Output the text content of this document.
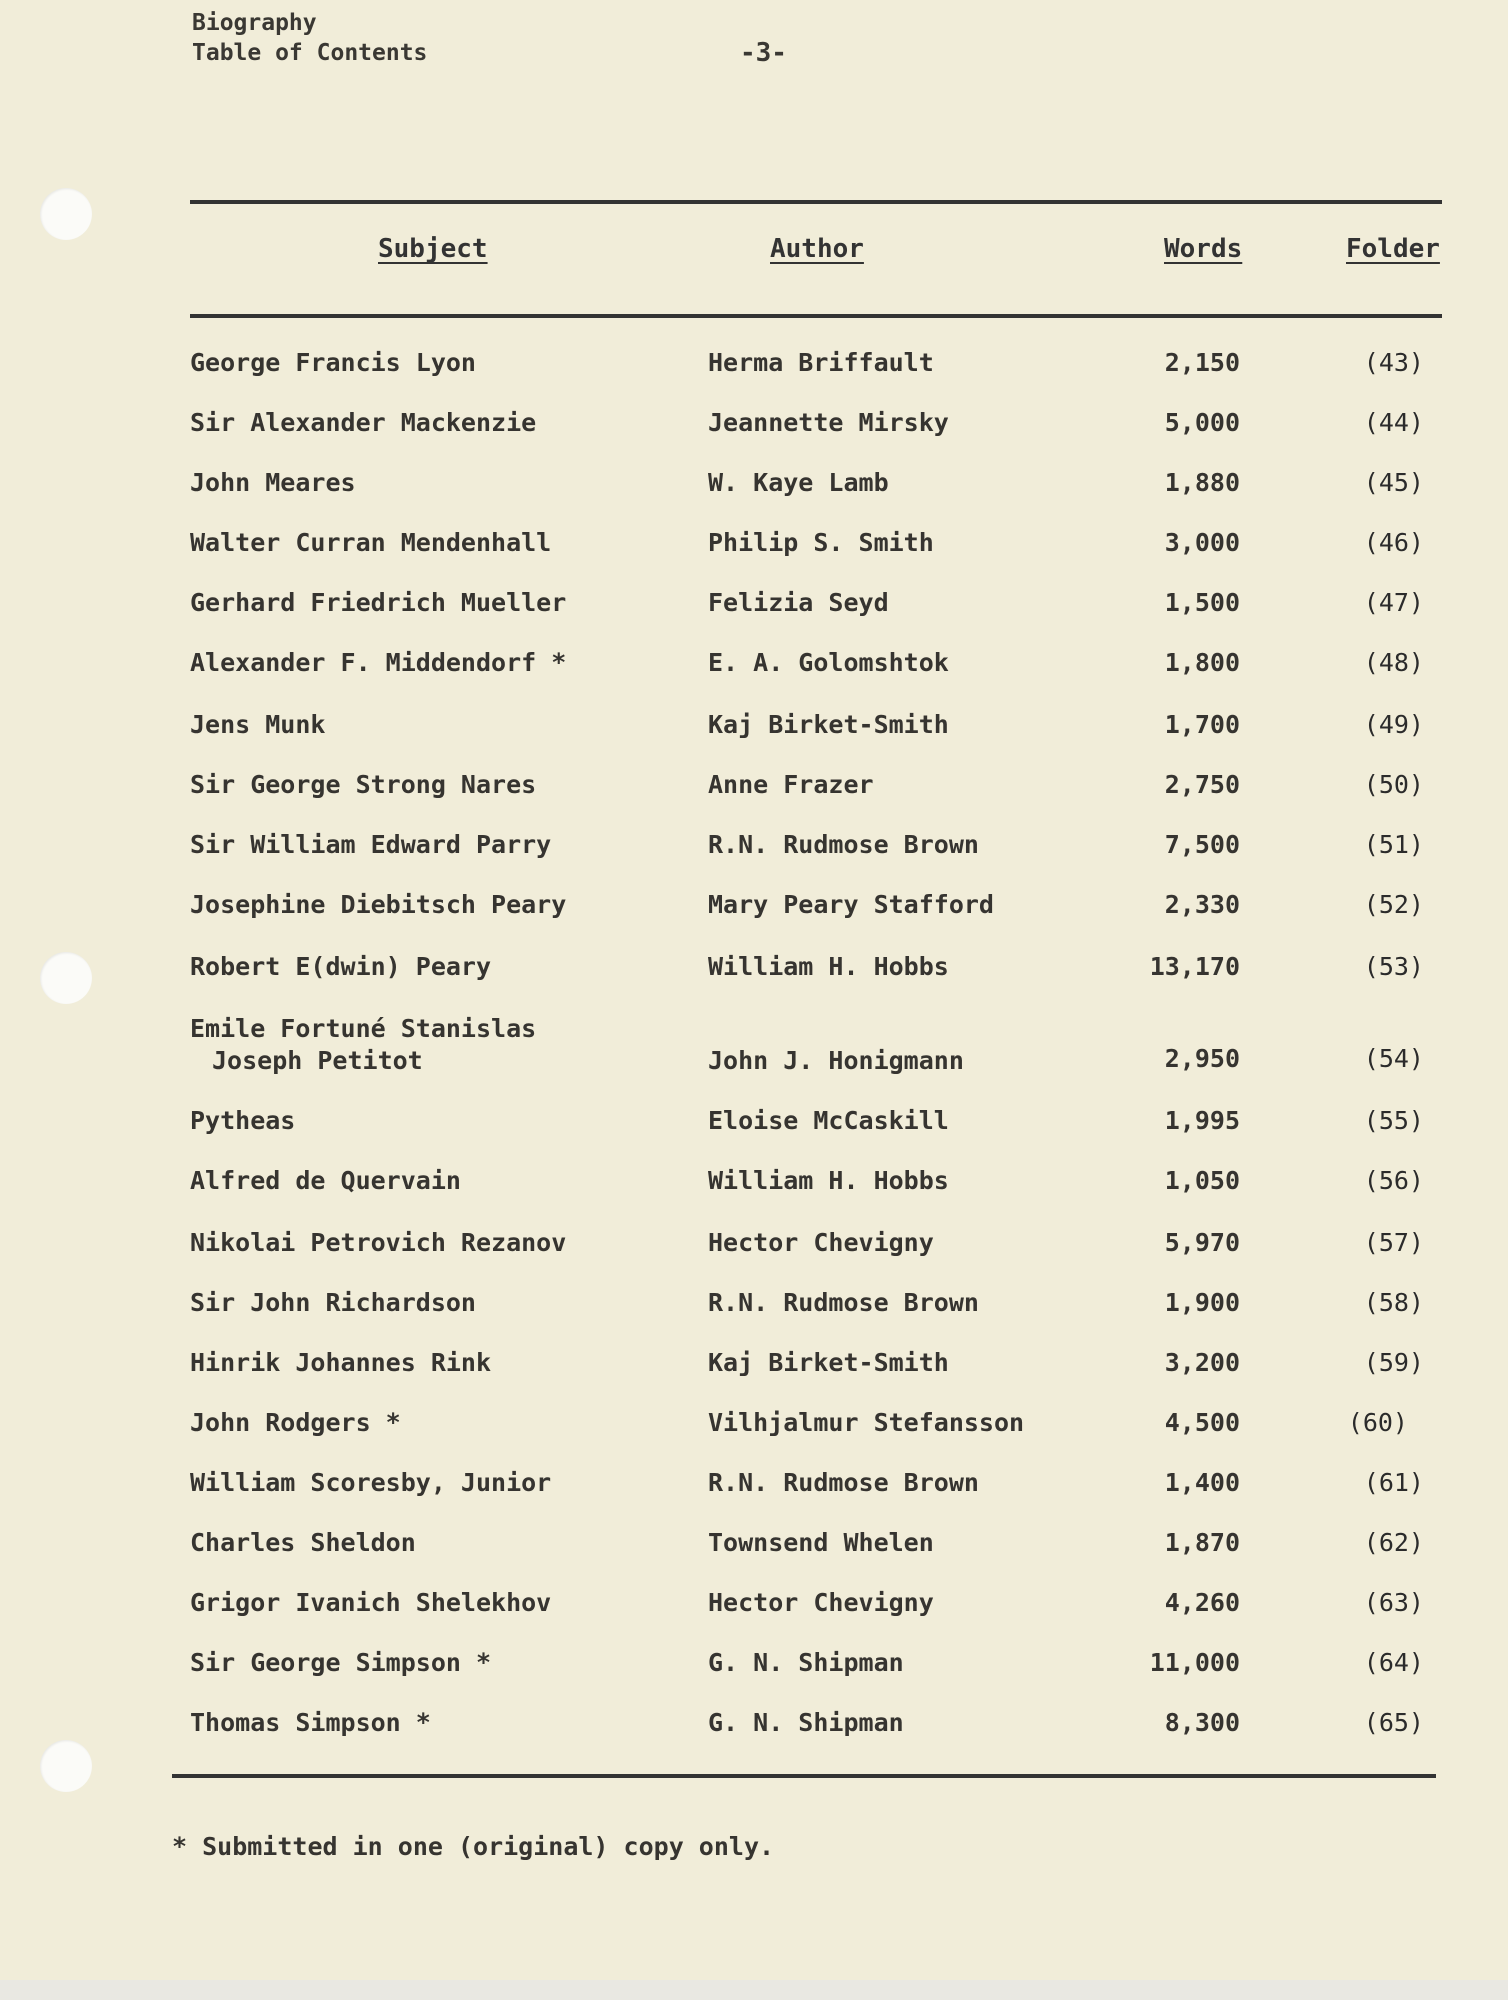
Biography
Table of Contents	-3-
Subject	Author	Words	Folder
George Francis Lyon	Herma Briffault	2,150	(43)
Sir Alexander Mackenzie	Jeannette Mirsky	5,000	(44)
John Meares	W. Kaye Lamb	1,880	(45)
Walter Curran Mendenhall	Philip S. Smith	3,000	(46)
Gerhard Friedrich Mueller	Felizia Seyd	1,500	(47)
Alexander F. Middendorf *	E. A. Golomshtok	1,800	(48)
Jens Munk	Kaj Birket-Smith	1,700	(49)
Sir George Strong Nares	Anne Frazer	2,750	(50)
Sir William Edward Parry	R.N. Rudmose Brown	7,500	(51)
Josephine Diebitsch Peary	Mary Peary Stafford	2,330	(52)
Robert E(dwin) Peary	William H. Hobbs	13,170	(53)
Emile Fortuné Stanislas
Joseph Petitot	John J. Honigmann	2,950	(54)
Pytheas	Eloise McCaskill	1,995	(55)
Alfred de Quervain	William H. Hobbs	1,050	(56)
Nikolai Petrovich Rezanov	Hector Chevigny	5,970	(57)
Sir John Richardson	R.N. Rudmose Brown	1,900	(58)
Hinrik Johannes Rink	Kaj Birket-Smith	3,200	(59)
John Rodgers *	Vilhjalmur Stefansson	4,500	(60)
William Scoresby, Junior	R.N. Rudmose Brown	1,400	(61)
Charles Sheldon	Townsend Whelen	1,870	(62)
Grigor Ivanich Shelekhov	Hector Chevigny	4,260	(63)
Sir George Simpson *	G. N. Shipman	11,000	(64)
Thomas Simpson *	G. N. Shipman	8,300	(65)
* Submitted in one (original) copy only.
